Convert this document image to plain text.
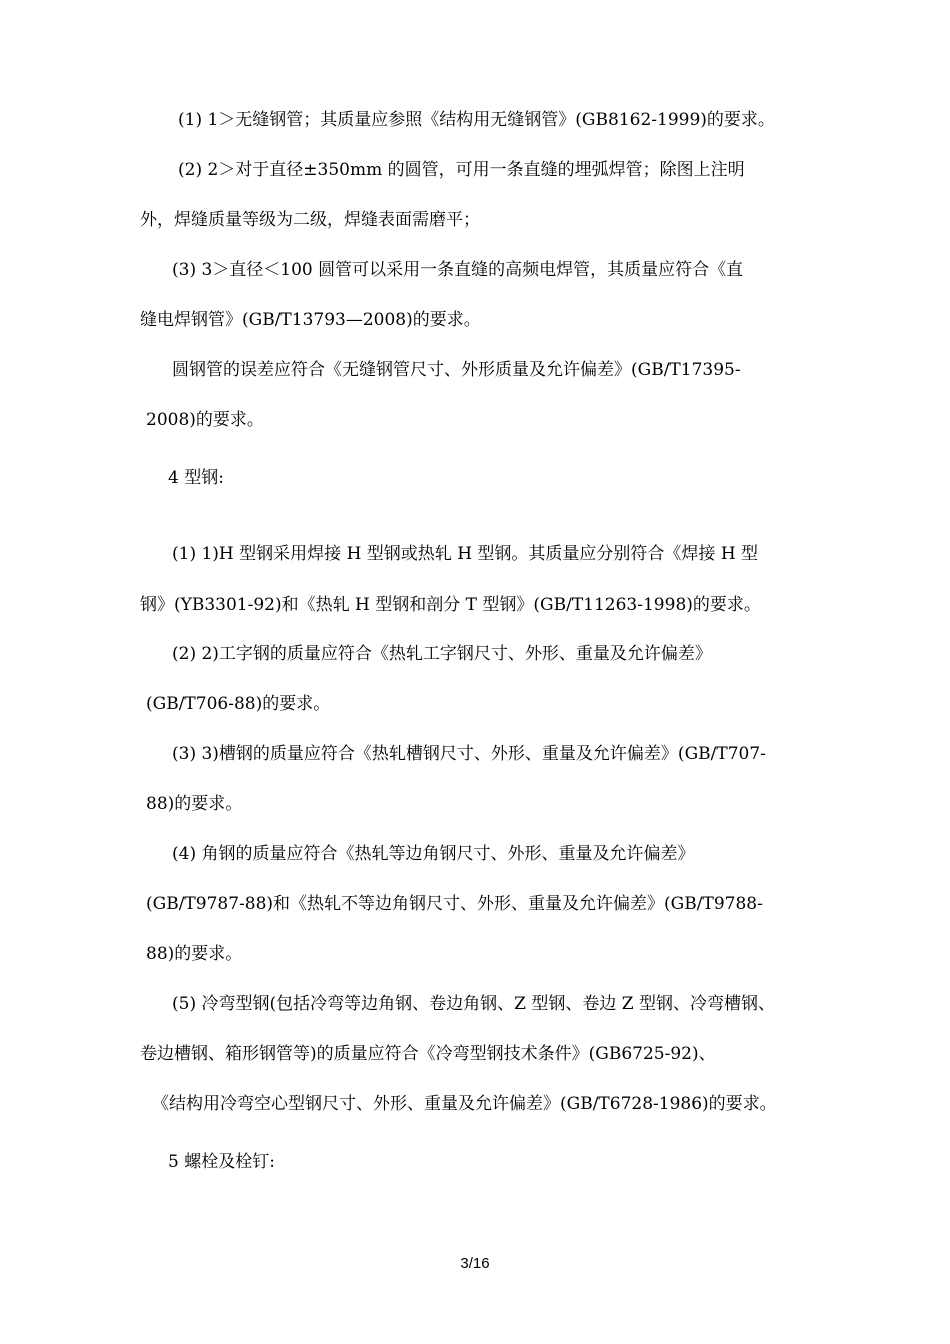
(1) 1＞无缝钢管；其质量应参照《结构用无缝钢管》(GB8162-1999)的要求。
(2) 2＞对于直径±350mm 的圆管，可用一条直缝的埋弧焊管；除图上注明
外，焊缝质量等级为二级，焊缝表面需磨平；
(3) 3＞直径＜100 圆管可以采用一条直缝的高频电焊管，其质量应符合《直
缝电焊钢管》(GB/T13793—2008)的要求。
圆钢管的误差应符合《无缝钢管尺寸、外形质量及允许偏差》(GB/T17395-
2008)的要求。
4 型钢:
(1) 1)H 型钢采用焊接 H 型钢或热轧 H 型钢。其质量应分别符合《焊接 H 型
钢》(YB3301-92)和《热轧 H 型钢和剖分 T 型钢》(GB/T11263-1998)的要求。
(2) 2)工字钢的质量应符合《热轧工字钢尺寸、外形、重量及允许偏差》
(GB/T706-88)的要求。
(3) 3)槽钢的质量应符合《热轧槽钢尺寸、外形、重量及允许偏差》(GB/T707-
88)的要求。
(4) 角钢的质量应符合《热轧等边角钢尺寸、外形、重量及允许偏差》
(GB/T9787-88)和《热轧不等边角钢尺寸、外形、重量及允许偏差》(GB/T9788-
88)的要求。
(5) 冷弯型钢(包括冷弯等边角钢、卷边角钢、Z 型钢、卷边 Z 型钢、冷弯槽钢、
卷边槽钢、箱形钢管等)的质量应符合《冷弯型钢技术条件》(GB6725-92)、
《结构用冷弯空心型钢尺寸、外形、重量及允许偏差》(GB/T6728-1986)的要求。
5 螺栓及栓钉:
3/16
